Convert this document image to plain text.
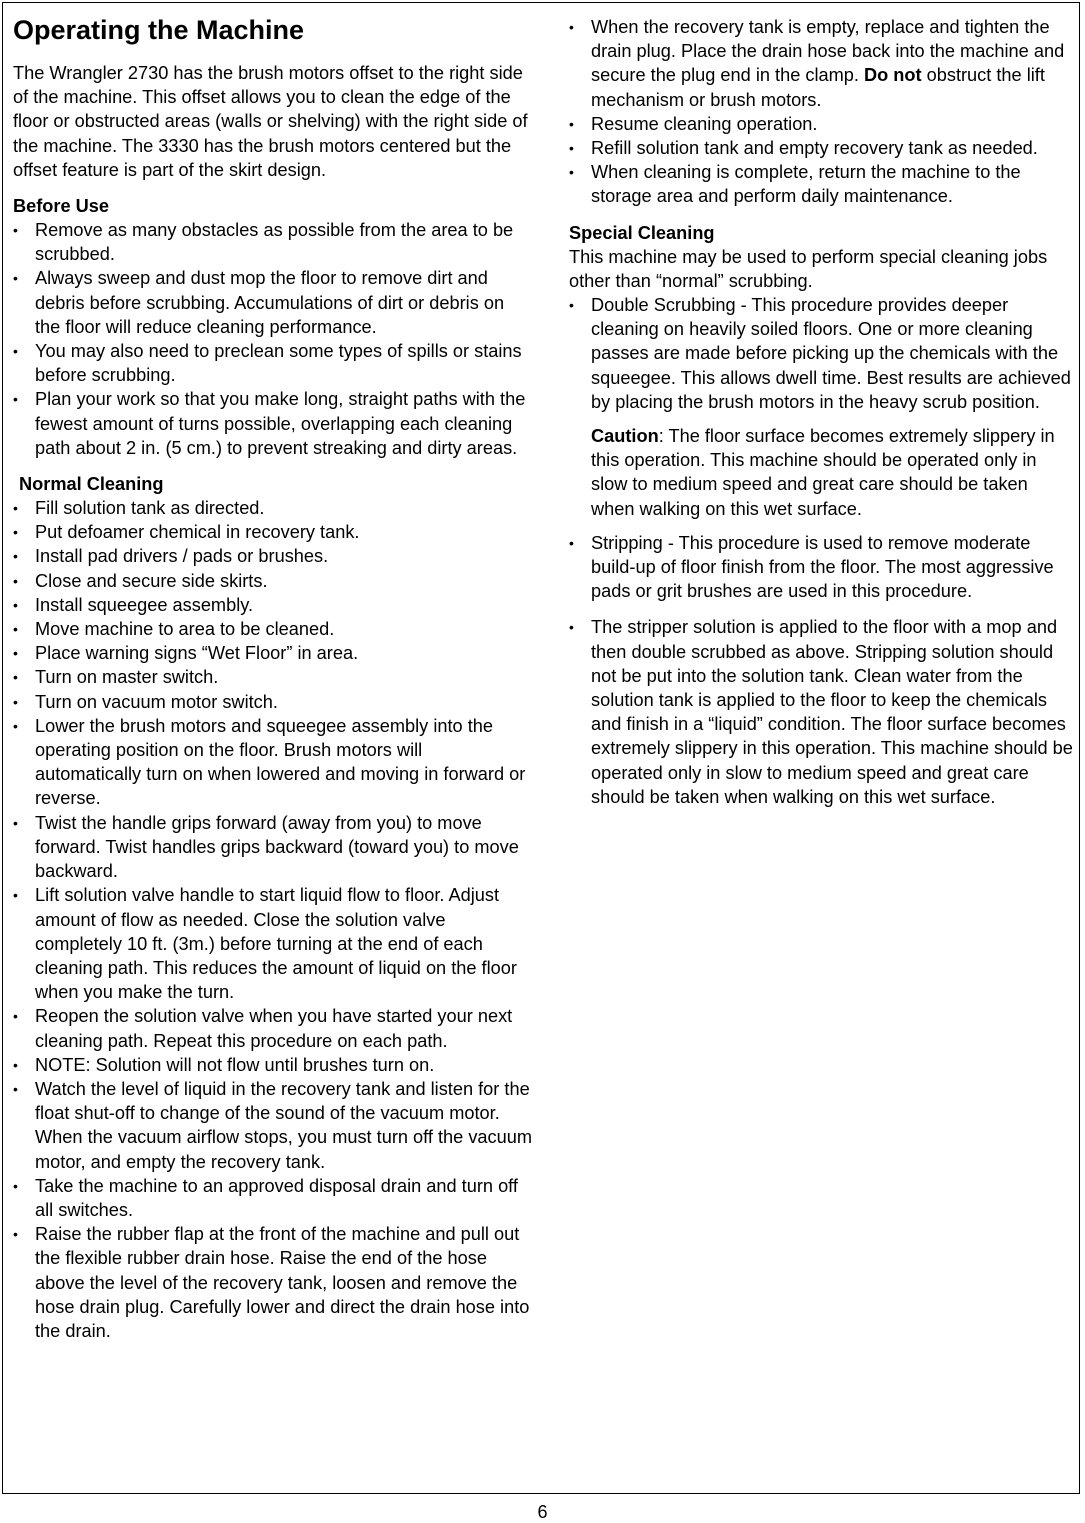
Operating the Machine

The Wrangler 2730 has the brush motors offset to the right side of the machine. This offset allows you to clean the edge of the floor or obstructed areas (walls or shelving) with the right side of the machine. The 3330 has the brush motors centered but the offset feature is part of the skirt design.

Before Use
• Remove as many obstacles as possible from the area to be scrubbed.
• Always sweep and dust mop the floor to remove dirt and debris before scrubbing. Accumulations of dirt or debris on the floor will reduce cleaning performance.
• You may also need to preclean some types of spills or stains before scrubbing.
• Plan your work so that you make long, straight paths with the fewest amount of turns possible, overlapping each cleaning path about 2 in. (5 cm.) to prevent streaking and dirty areas.
Normal Cleaning
• Fill solution tank as directed.
• Put defoamer chemical in recovery tank.
• Install pad drivers / pads or brushes.
• Close and secure side skirts.
• Install squeegee assembly.
• Move machine to area to be cleaned.
• Place warning signs “Wet Floor” in area.
• Turn on master switch.
• Turn on vacuum motor switch.
• Lower the brush motors and squeegee assembly into the operating position on the floor. Brush motors will automatically turn on when lowered and moving in forward or reverse.
• Twist the handle grips forward (away from you) to move forward. Twist handles grips backward (toward you) to move backward.
• Lift solution valve handle to start liquid flow to floor. Adjust amount of flow as needed. Close the solution valve completely 10 ft. (3m.) before turning at the end of each cleaning path. This reduces the amount of liquid on the floor when you make the turn.
• Reopen the solution valve when you have started your next cleaning path. Repeat this procedure on each path.
• NOTE: Solution will not flow until brushes turn on.
• Watch the level of liquid in the recovery tank and listen for the float shut-off to change of the sound of the vacuum motor. When the vacuum airflow stops, you must turn off the vacuum motor, and empty the recovery tank.
• Take the machine to an approved disposal drain and turn off all switches.
• Raise the rubber flap at the front of the machine and pull out the flexible rubber drain hose. Raise the end of the hose above the level of the recovery tank, loosen and remove the hose drain plug. Carefully lower and direct the drain hose into the drain.
• When the recovery tank is empty, replace and tighten the drain plug. Place the drain hose back into the machine and secure the plug end in the clamp. Do not obstruct the lift mechanism or brush motors.
• Resume cleaning operation.
• Refill solution tank and empty recovery tank as needed.
• When cleaning is complete, return the machine to the storage area and perform daily maintenance.
Special Cleaning

This machine may be used to perform special cleaning jobs other than “normal” scrubbing.

• Double Scrubbing - This procedure provides deeper cleaning on heavily soiled floors. One or more cleaning passes are made before picking up the chemicals with the squeegee. This allows dwell time. Best results are achieved by placing the brush motors in the heavy scrub position.

Caution: The floor surface becomes extremely slippery in this operation. This machine should be operated only in slow to medium speed and great care should be taken when walking on this wet surface.

• Stripping - This procedure is used to remove moderate build-up of floor finish from the floor. The most aggressive pads or grit brushes are used in this procedure.
• The stripper solution is applied to the floor with a mop and then double scrubbed as above. Stripping solution should not be put into the solution tank. Clean water from the solution tank is applied to the floor to keep the chemicals and finish in a “liquid” condition. The floor surface becomes extremely slippery in this operation. This machine should be operated only in slow to medium speed and great care should be taken when walking on this wet surface.
6
